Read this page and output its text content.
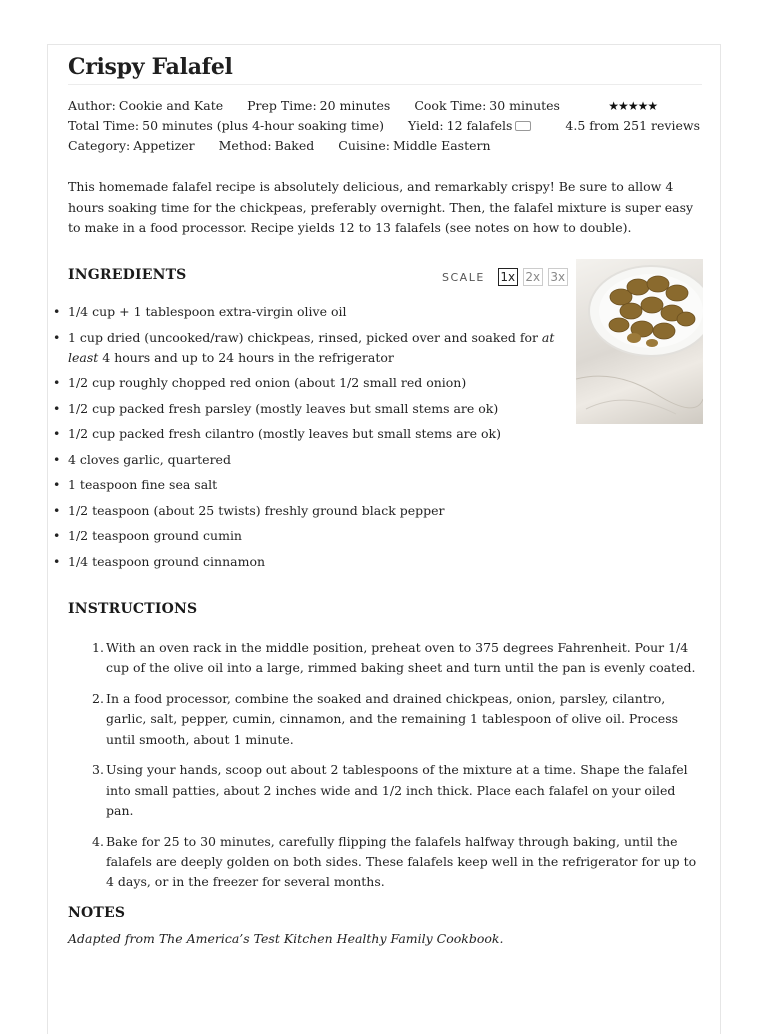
Crispy Falafel
Author: Cookie and Kate Prep Time: 20 minutes Cook Time: 30 minutes
Total Time: 50 minutes (plus 4-hour soaking time) Yield: 12 falafels
Category: Appetizer Method: Baked Cuisine: Middle Eastern
★★★★★
4.5 from 251 reviews

This homemade falafel recipe is absolutely delicious, and remarkably crispy! Be sure to allow 4 hours soaking time for the chickpeas, preferably overnight. Then, the falafel mixture is super easy to make in a food processor. Recipe yields 12 to 13 falafels (see notes on how to double).

INGREDIENTS	SCALE 1x 2x 3x
• 1/4 cup + 1 tablespoon extra-virgin olive oil
• 1 cup dried (uncooked/raw) chickpeas, rinsed, picked over and soaked for at least 4 hours and up to 24 hours in the refrigerator
• 1/2 cup roughly chopped red onion (about 1/2 small red onion)
• 1/2 cup packed fresh parsley (mostly leaves but small stems are ok)
• 1/2 cup packed fresh cilantro (mostly leaves but small stems are ok)
• 4 cloves garlic, quartered
• 1 teaspoon fine sea salt
• 1/2 teaspoon (about 25 twists) freshly ground black pepper
• 1/2 teaspoon ground cumin
• 1/4 teaspoon ground cinnamon
INSTRUCTIONS
1. With an oven rack in the middle position, preheat oven to 375 degrees Fahrenheit. Pour 1/4 cup of the olive oil into a large, rimmed baking sheet and turn until the pan is evenly coated.
2. In a food processor, combine the soaked and drained chickpeas, onion, parsley, cilantro, garlic, salt, pepper, cumin, cinnamon, and the remaining 1 tablespoon of olive oil. Process until smooth, about 1 minute.
3. Using your hands, scoop out about 2 tablespoons of the mixture at a time. Shape the falafel into small patties, about 2 inches wide and 1/2 inch thick. Place each falafel on your oiled pan.
4. Bake for 25 to 30 minutes, carefully flipping the falafels halfway through baking, until the falafels are deeply golden on both sides. These falafels keep well in the refrigerator for up to 4 days, or in the freezer for several months.
NOTES

Adapted from The America’s Test Kitchen Healthy Family Cookbook.
